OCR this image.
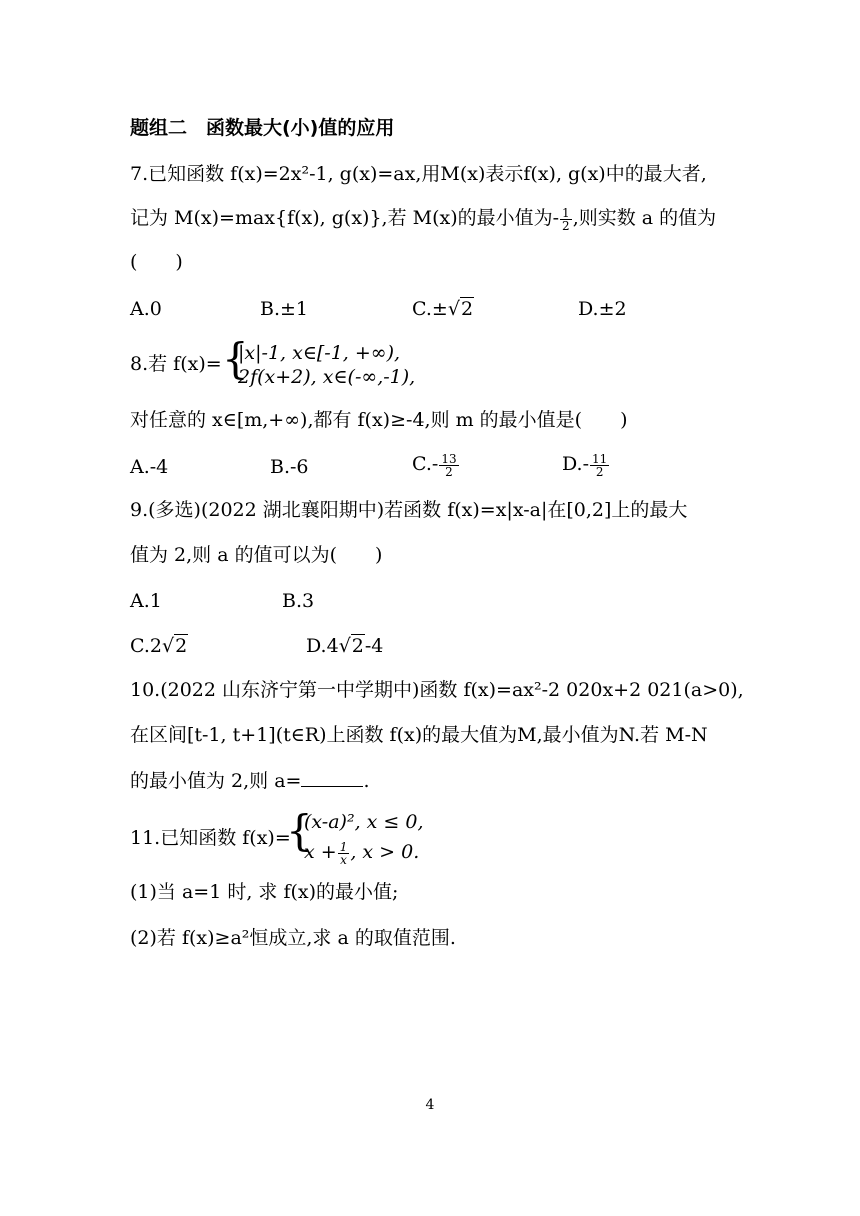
题组二　函数最大(小)值的应用
7.已知函数 f(x)=2x²-1, g(x)=ax,用M(x)表示f(x), g(x)中的最大者,
记为 M(x)=max{f(x), g(x)},若 M(x)的最小值为- $\frac{1}{2}$ ,则实数 a 的值为
(　　)
A.0	B.±1	C.±√2	D.±2
8.若 f(x)= {
|x|-1, x∈[-1, +∞),
2f(x+2), x∈(-∞,-1),
对任意的 x∈[m,+∞),都有 f(x)≥-4,则 m 的最小值是(　　)
A.-4	B.-6	$C.- \frac{13}{2}$	$D.- \frac{11}{2}$
9.(多选)(2022 湖北襄阳期中)若函数 f(x)=x|x-a|在[0,2]上的最大
值为 2,则 a 的值可以为(　　)
A.1	B.3
C.2√2	D.4√2-4
10.(2022 山东济宁第一中学期中)函数 f(x)=ax²-2 020x+2 021(a>0),
在区间[t-1, t+1](t∈R)上函数 f(x)的最大值为M,最小值为N.若 M-N
的最小值为 2,则 a=	.
11.已知函数 f(x)=
{
(x-a)², x ≤ 0,
$x + \frac{1}{x}$ , x > 0.
(1)当 a=1 时, 求 f(x)的最小值;
(2)若 f(x)≥a²恒成立,求 a 的取值范围.
4
